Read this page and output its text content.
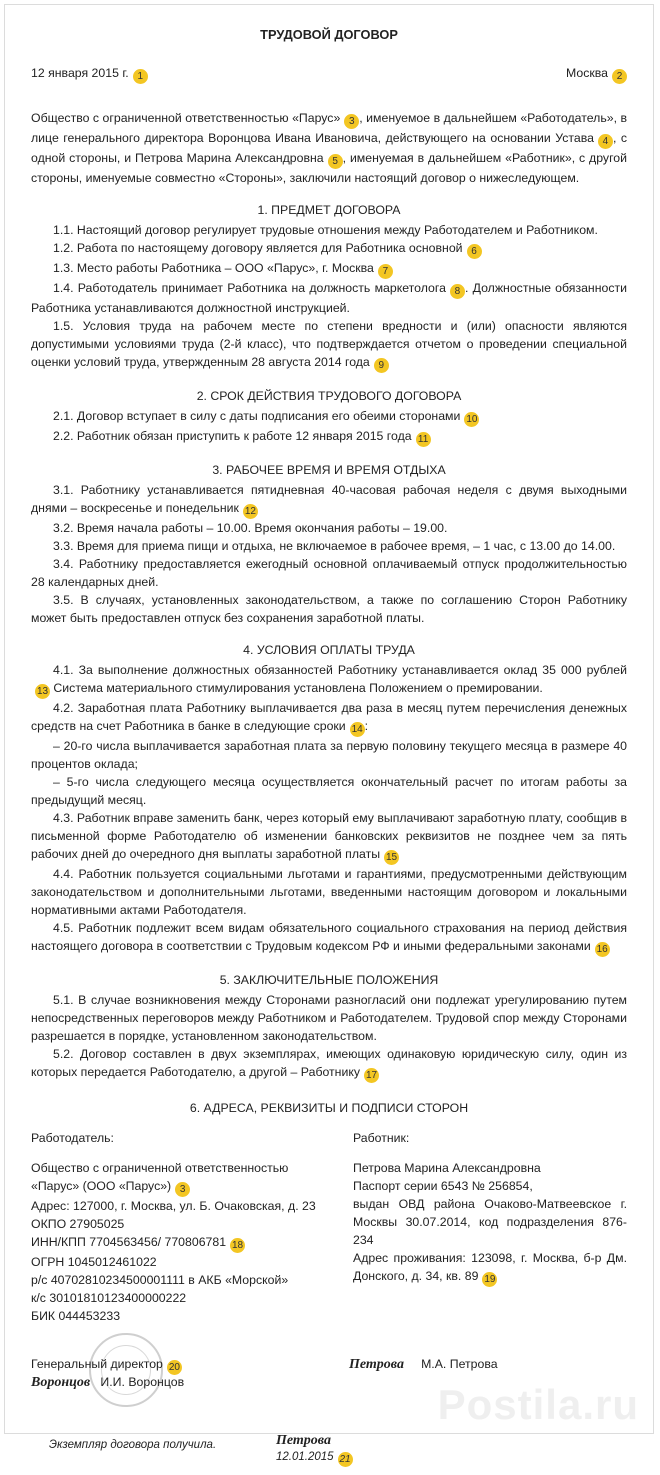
ТРУДОВОЙ ДОГОВОР
12 января 2015 г. 1	Москва 2

Общество с ограниченной ответственностью «Парус» 3 , именуемое в дальнейшем «Работодатель», в лице генерального директора Воронцова Ивана Ивановича, действующего на основании Устава 4 , с одной стороны, и Петрова Марина Александровна 5 , именуемая в дальнейшем «Работник», с другой стороны, именуемые совместно «Стороны», заключили настоящий договор о нижеследующем.

1. ПРЕДМЕТ ДОГОВОРА

1.1. Настоящий договор регулирует трудовые отношения между Работодателем и Работником.

1.2. Работа по настоящему договору является для Работника основной 6

1.3. Место работы Работника – ООО «Парус», г. Москва 7

1.4. Работодатель принимает Работника на должность маркетолога 8 . Должностные обязанности Работника устанавливаются должностной инструкцией.

1.5. Условия труда на рабочем месте по степени вредности и (или) опасности являются допустимыми условиями труда (2-й класс), что подтверждается отчетом о проведении специальной оценки условий труда, утвержденным 28 августа 2014 года 9

2. СРОК ДЕЙСТВИЯ ТРУДОВОГО ДОГОВОРА

2.1. Договор вступает в силу с даты подписания его обеими сторонами 10

2.2. Работник обязан приступить к работе 12 января 2015 года 11

3. РАБОЧЕЕ ВРЕМЯ И ВРЕМЯ ОТДЫХА

3.1. Работнику устанавливается пятидневная 40-часовая рабочая неделя с двумя выходными днями – воскресенье и понедельник 12

3.2. Время начала работы – 10.00. Время окончания работы – 19.00.

3.3. Время для приема пищи и отдыха, не включаемое в рабочее время, – 1 час, с 13.00 до 14.00.

3.4. Работнику предоставляется ежегодный основной оплачиваемый отпуск продолжительностью 28 календарных дней.

3.5. В случаях, установленных законодательством, а также по соглашению Сторон Работнику может быть предоставлен отпуск без сохранения заработной платы.

4. УСЛОВИЯ ОПЛАТЫ ТРУДА

4.1. За выполнение должностных обязанностей Работнику устанавливается оклад 35 000 рублей13 Система материального стимулирования установлена Положением о премировании.

4.2. Заработная плата Работнику выплачивается два раза в месяц путем перечисления денежных средств на счет Работника в банке в следующие сроки 14 :

– 20-го числа выплачивается заработная плата за первую половину текущего месяца в размере 40 процентов оклада;

– 5-го числа следующего месяца осуществляется окончательный расчет по итогам работы за предыдущий месяц.

4.3. Работник вправе заменить банк, через который ему выплачивают заработную плату, сообщив в письменной форме Работодателю об изменении банковских реквизитов не позднее чем за пять рабочих дней до очередного дня выплаты заработной платы 15

4.4. Работник пользуется социальными льготами и гарантиями, предусмотренными действующим законодательством и дополнительными льготами, введенными настоящим договором и локальными нормативными актами Работодателя.

4.5. Работник подлежит всем видам обязательного социального страхования на период действия настоящего договора в соответствии с Трудовым кодексом РФ и иными федеральными законами 16

5. ЗАКЛЮЧИТЕЛЬНЫЕ ПОЛОЖЕНИЯ

5.1. В случае возникновения между Сторонами разногласий они подлежат урегулированию путем непосредственных переговоров между Работником и Работодателем. Трудовой спор между Сторонами разрешается в порядке, установленном законодательством.

5.2. Договор составлен в двух экземплярах, имеющих одинаковую юридическую силу, один из которых передается Работодателю, а другой – Работнику 17

6. АДРЕСА, РЕКВИЗИТЫ И ПОДПИСИ СТОРОН
Работодатель:
Общество с ограниченной ответственностью
«Парус» (ООО «Парус») 3
Адрес: 127000, г. Москва, ул. Б. Очаковская, д. 23
ОКПО 27905025
ИНН/КПП 7704563456/ 770806781 18
ОГРН 1045012461022
р/с 40702810234500001111 в АКБ «Морской»
к/с 30101810123400000222
БИК 044453233
Работник:
Петрова Марина Александровна
Паспорт серии 6543 № 256854,
выдан ОВД района Очаково-Матвеевское г. Москвы 30.07.2014, код подразделения 876-234
Адрес проживания: 123098, г. Москва, б-р Дм. Донского, д. 34, кв. 89 19
Генеральный директор 20
Воронцов И.И. Воронцов
Петрова М.А. Петрова
Экземпляр договора получила.	Петрова
12.01.2015 21
Postila.ru
